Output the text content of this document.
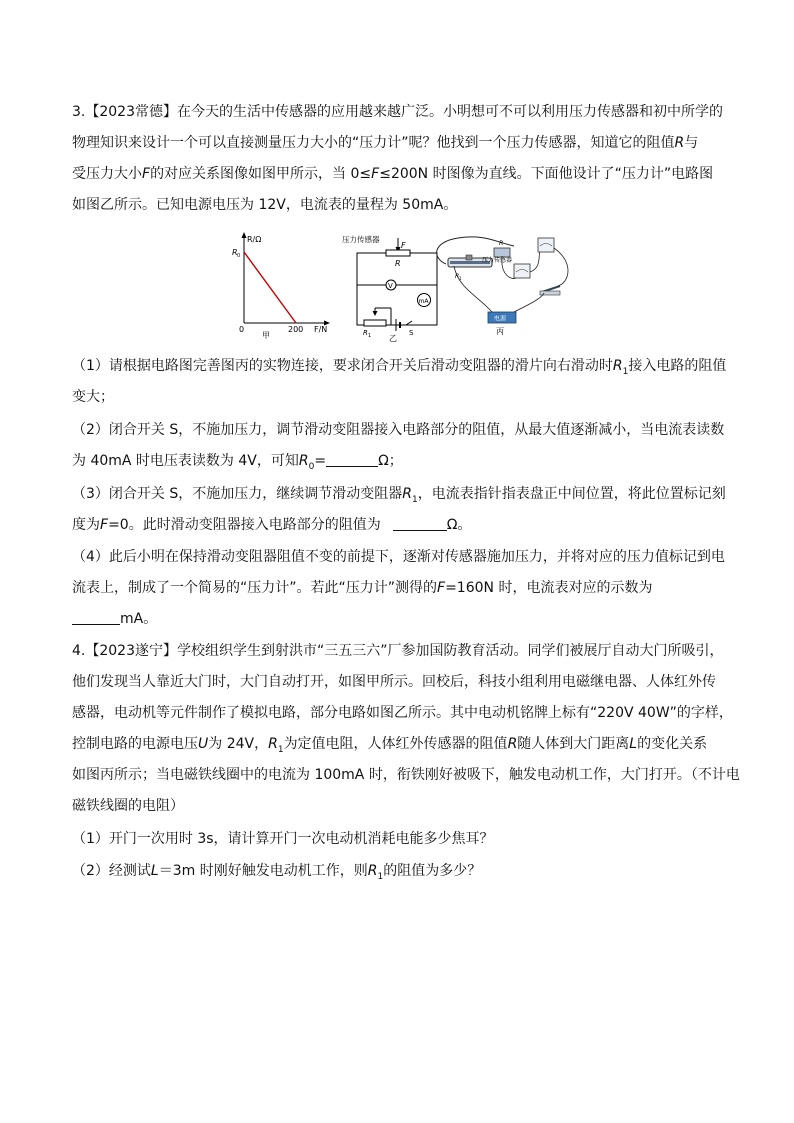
3.【2023常德】在今天的生活中传感器的应用越来越广泛。小明想可不可以利用压力传感器和初中所学的
物理知识来设计一个可以直接测量压力大小的“压力计”呢？他找到一个压力传感器，知道它的阻值R与
受压力大小F的对应关系图像如图甲所示，当 0≤F≤200N 时图像为直线。下面他设计了“压力计”电路图
如图乙所示。已知电源电压为 12V，电流表的量程为 50mA。
R/Ω
R 0
0	200 F/N
甲
压力传感器
F
R
V
mA
R 1	S
乙
R 1
R
压力传感器
电源
丙
（1）请根据电路图完善图丙的实物连接，要求闭合开关后滑动变阻器的滑片向右滑动时$R_1$接入电路的阻值
变大；
（2）闭合开关 S，不施加压力，调节滑动变阻器接入电路部分的阻值，从最大值逐渐减小，当电流表读数
为 40mA 时电压表读数为 4V，可知$R_0=$	Ω；
（3）闭合开关 S，不施加压力，继续调节滑动变阻器$R_1$，电流表指针指表盘正中间位置，将此位置标记刻
度为F=0。此时滑动变阻器接入电路部分的阻值为	Ω。
（4）此后小明在保持滑动变阻器阻值不变的前提下，逐渐对传感器施加压力，并将对应的压力值标记到电
流表上，制成了一个简易的“压力计”。若此“压力计”测得的F=160N 时，电流表对应的示数为
mA。
4.【2023遂宁】学校组织学生到射洪市“三五三六”厂参加国防教育活动。同学们被展厅自动大门所吸引，
他们发现当人靠近大门时，大门自动打开，如图甲所示。回校后，科技小组利用电磁继电器、人体红外传
感器，电动机等元件制作了模拟电路，部分电路如图乙所示。其中电动机铭牌上标有“220V 40W”的字样，
控制电路的电源电压U为 24V，$R_1$为定值电阻，人体红外传感器的阻值R随人体到大门距离L的变化关系
如图丙所示；当电磁铁线圈中的电流为 100mA 时，衔铁刚好被吸下，触发电动机工作，大门打开。（不计电
磁铁线圈的电阻）
（1）开门一次用时 3s，请计算开门一次电动机消耗电能多少焦耳？
（2）经测试L＝3m 时刚好触发电动机工作，则$R_1$的阻值为多少？
